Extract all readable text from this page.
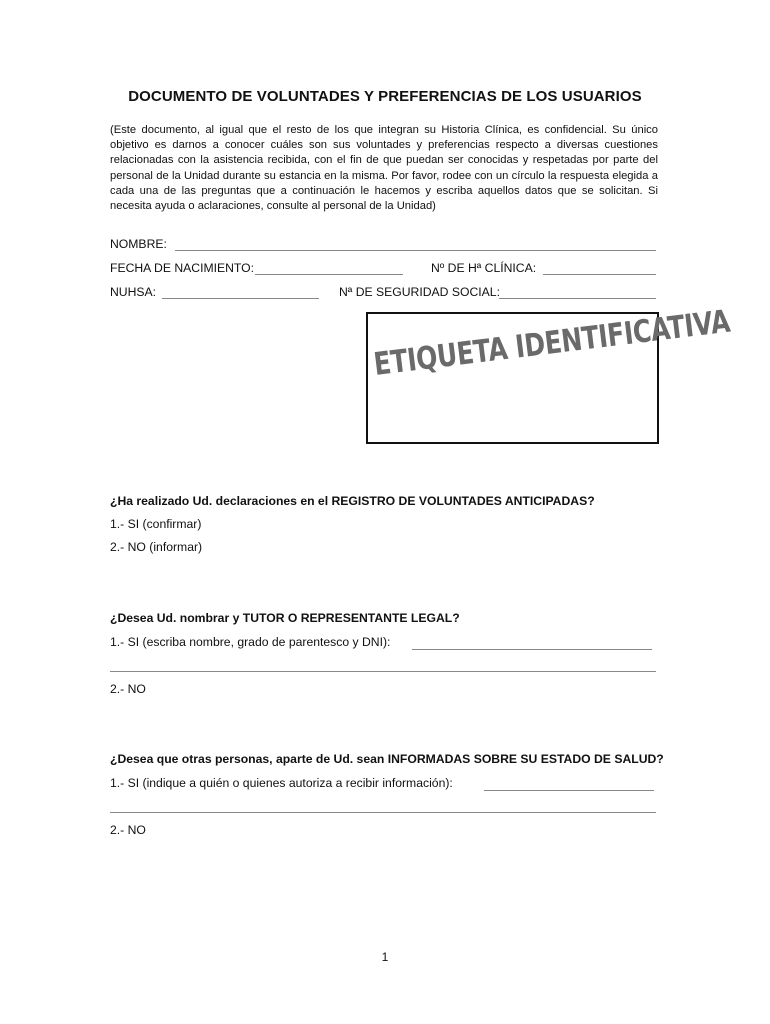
DOCUMENTO DE VOLUNTADES Y PREFERENCIAS DE LOS USUARIOS
(Este documento, al igual que el resto de los que integran su Historia Clínica, es confidencial. Su único objetivo es darnos a conocer cuáles son sus voluntades y preferencias respecto a diversas cuestiones relacionadas con la asistencia recibida, con el fin de que puedan ser conocidas y respetadas por parte del personal de la Unidad durante su estancia en la misma. Por favor, rodee con un círculo la respuesta elegida a cada una de las preguntas que a continuación le hacemos y escriba aquellos datos que se solicitan. Si necesita ayuda o aclaraciones, consulte al personal de la Unidad)
NOMBRE:
FECHA DE NACIMIENTO:	Nº DE Hª CLÍNICA:
NUHSA:	Nª DE SEGURIDAD SOCIAL:
ETIQUETA IDENTIFICATIVA
¿Ha realizado Ud. declaraciones en el REGISTRO DE VOLUNTADES ANTICIPADAS?
1.- SI (confirmar)
2.- NO (informar)
¿Desea Ud. nombrar y TUTOR O REPRESENTANTE LEGAL?
1.- SI (escriba nombre, grado de parentesco y DNI):
2.- NO
¿Desea que otras personas, aparte de Ud. sean INFORMADAS SOBRE SU ESTADO DE SALUD?
1.- SI (indique a quién o quienes autoriza a recibir información):
2.- NO
1
